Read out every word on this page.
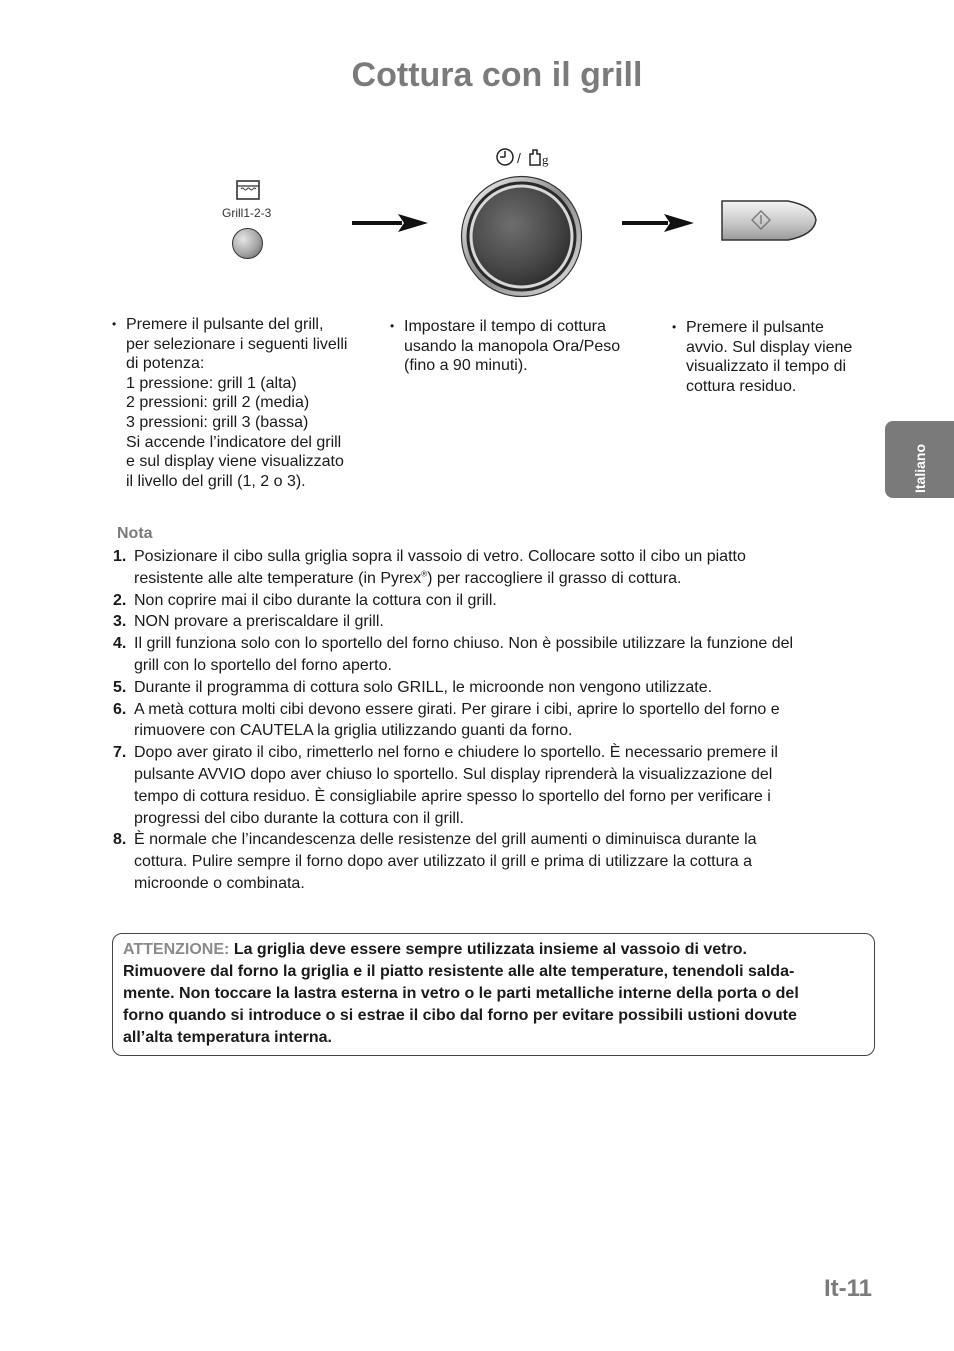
Cottura con il grill
Grill1-2-3
/ g
• Premere il pulsante del grill,
per selezionare i seguenti livelli
di potenza:
1 pressione: grill 1 (alta)
2 pressioni: grill 2 (media)
3 pressioni: grill 3 (bassa)
Si accende l’indicatore del grill
e sul display viene visualizzato
il livello del grill (1, 2 o 3).
• Impostare il tempo di cottura
usando la manopola Ora/Peso
(fino a 90 minuti).
• Premere il pulsante
avvio. Sul display viene
visualizzato il tempo di
cottura residuo.
Italiano
Nota
1. Posizionare il cibo sulla griglia sopra il vassoio di vetro. Collocare sotto il cibo un piatto
resistente alle alte temperature (in Pyrex®) per raccogliere il grasso di cottura.
2. Non coprire mai il cibo durante la cottura con il grill.
3. NON provare a preriscaldare il grill.
4. Il grill funziona solo con lo sportello del forno chiuso. Non è possibile utilizzare la funzione del
grill con lo sportello del forno aperto.
5. Durante il programma di cottura solo GRILL, le microonde non vengono utilizzate.
6. A metà cottura molti cibi devono essere girati. Per girare i cibi, aprire lo sportello del forno e
rimuovere con CAUTELA la griglia utilizzando guanti da forno.
7. Dopo aver girato il cibo, rimetterlo nel forno e chiudere lo sportello. È necessario premere il
pulsante AVVIO dopo aver chiuso lo sportello. Sul display riprenderà la visualizzazione del
tempo di cottura residuo. È consigliabile aprire spesso lo sportello del forno per verificare i
progressi del cibo durante la cottura con il grill.
8. È normale che l’incandescenza delle resistenze del grill aumenti o diminuisca durante la
cottura. Pulire sempre il forno dopo aver utilizzato il grill e prima di utilizzare la cottura a
microonde o combinata.
ATTENZIONE: La griglia deve essere sempre utilizzata insieme al vassoio di vetro.
Rimuovere dal forno la griglia e il piatto resistente alle alte temperature, tenendoli salda-
mente. Non toccare la lastra esterna in vetro o le parti metalliche interne della porta o del
forno quando si introduce o si estrae il cibo dal forno per evitare possibili ustioni dovute
all’alta temperatura interna.
It-11
